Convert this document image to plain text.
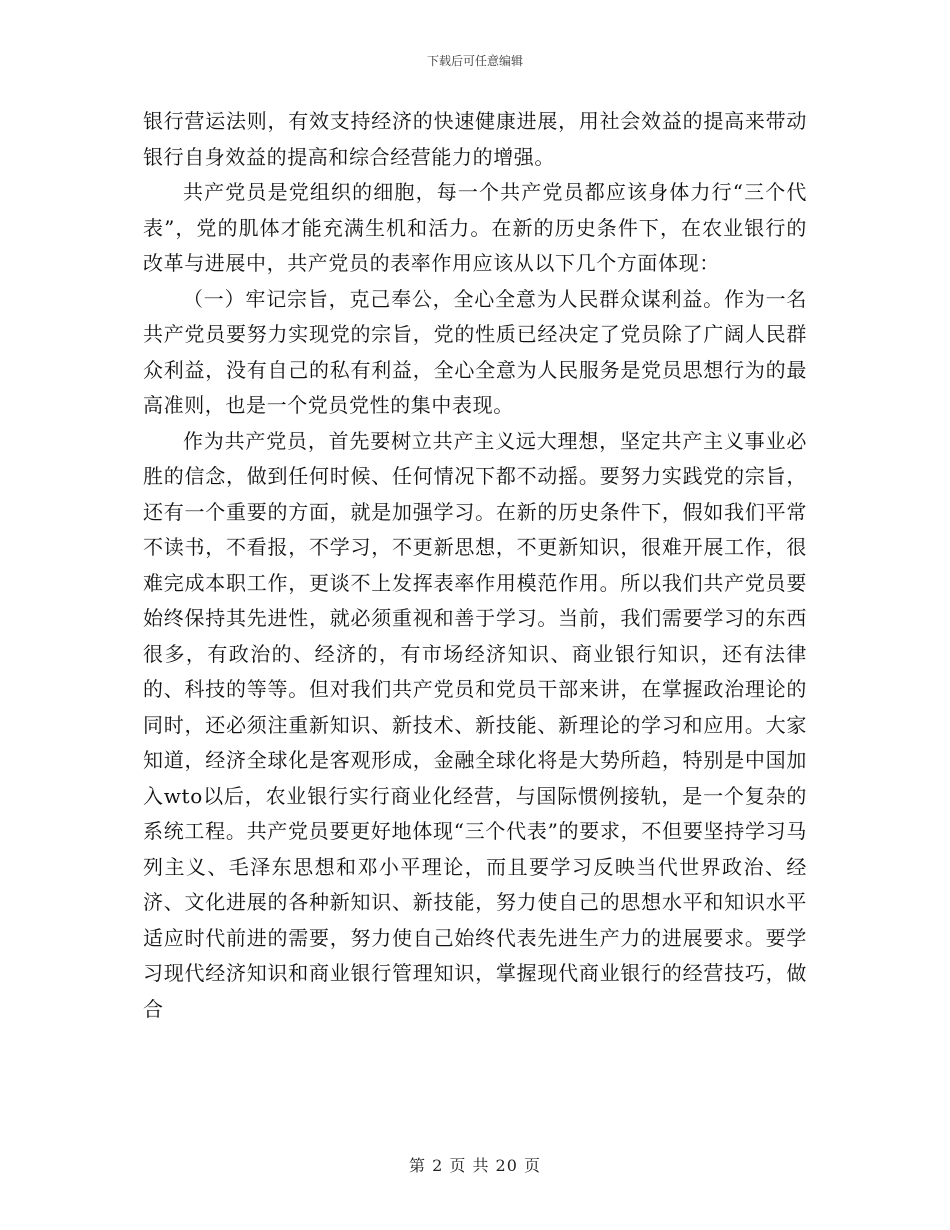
下载后可任意编辑

银行营运法则，有效支持经济的快速健康进展，用社会效益的提高来带动银行自身效益的提高和综合经营能力的增强。

共产党员是党组织的细胞，每一个共产党员都应该身体力行“三个代表”，党的肌体才能充满生机和活力。在新的历史条件下，在农业银行的改革与进展中，共产党员的表率作用应该从以下几个方面体现：

（一）牢记宗旨，克己奉公，全心全意为人民群众谋利益。作为一名共产党员要努力实现党的宗旨，党的性质已经决定了党员除了广阔人民群众利益，没有自己的私有利益，全心全意为人民服务是党员思想行为的最高准则，也是一个党员党性的集中表现。

作为共产党员，首先要树立共产主义远大理想，坚定共产主义事业必胜的信念，做到任何时候、任何情况下都不动摇。要努力实践党的宗旨，还有一个重要的方面，就是加强学习。在新的历史条件下，假如我们平常不读书，不看报，不学习，不更新思想，不更新知识，很难开展工作，很难完成本职工作，更谈不上发挥表率作用模范作用。所以我们共产党员要始终保持其先进性，就必须重视和善于学习。当前，我们需要学习的东西很多，有政治的、经济的，有市场经济知识、商业银行知识，还有法律的、科技的等等。但对我们共产党员和党员干部来讲，在掌握政治理论的同时，还必须注重新知识、新技术、新技能、新理论的学习和应用。大家知道，经济全球化是客观形成，金融全球化将是大势所趋，特别是中国加入wto以后，农业银行实行商业化经营，与国际惯例接轨，是一个复杂的系统工程。共产党员要更好地体现“三个代表”的要求，不但要坚持学习马列主义、毛泽东思想和邓小平理论，而且要学习反映当代世界政治、经济、文化进展的各种新知识、新技能，努力使自己的思想水平和知识水平适应时代前进的需要，努力使自己始终代表先进生产力的进展要求。要学习现代经济知识和商业银行管理知识，掌握现代商业银行的经营技巧，做合

第 2 页 共 20 页
